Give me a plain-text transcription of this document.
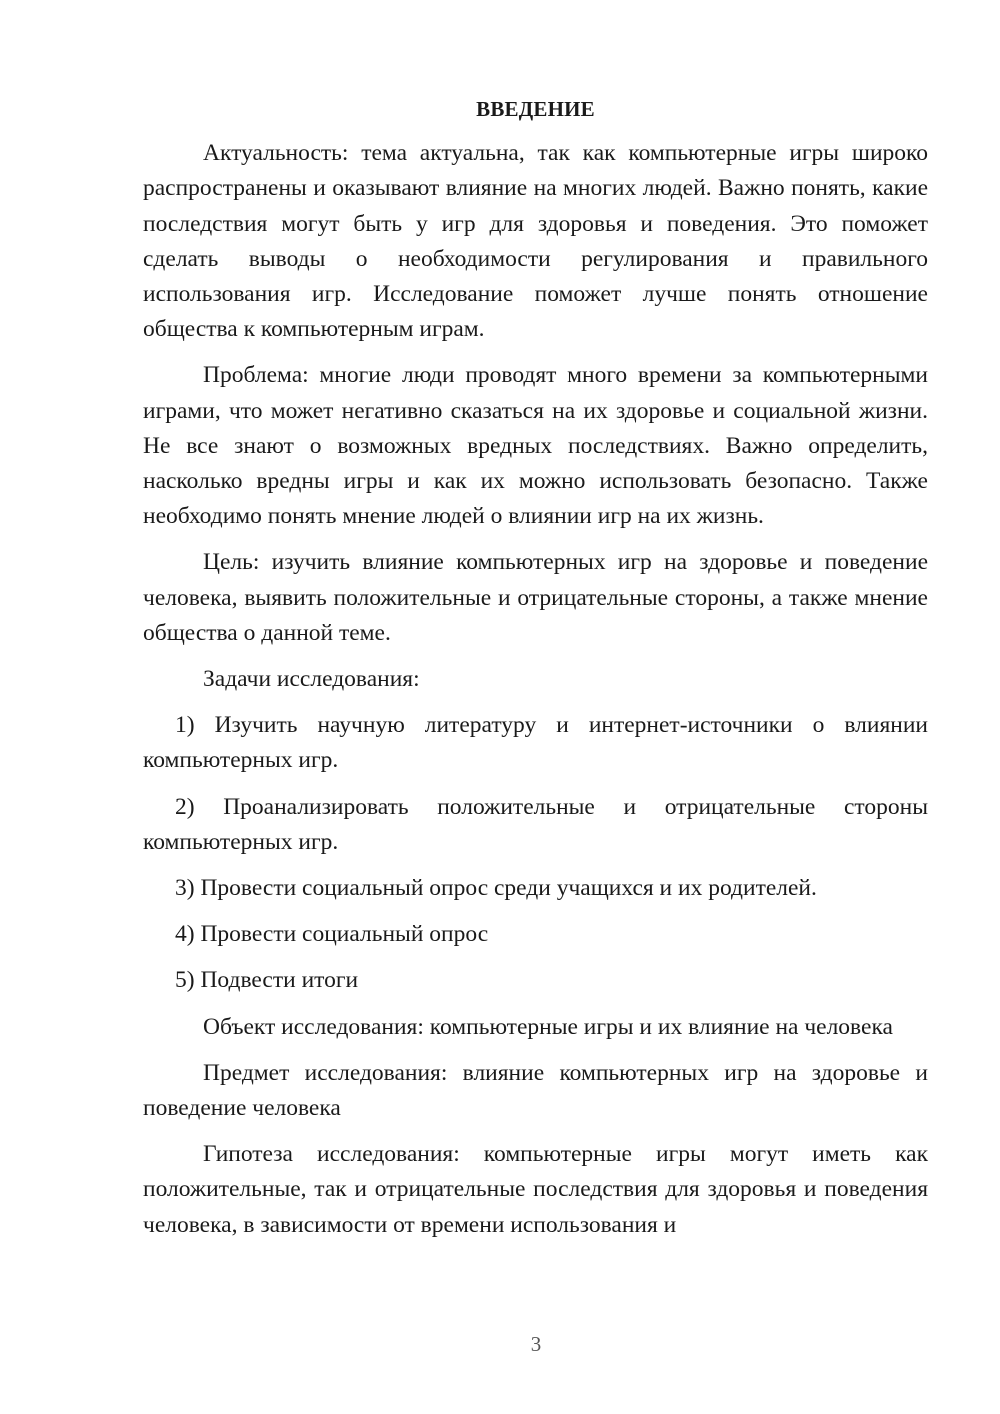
ВВЕДЕНИЕ

Актуальность: тема актуальна, так как компьютерные игры широко распространены и оказывают влияние на многих людей. Важно понять, какие последствия могут быть у игр для здоровья и поведения. Это поможет сделать выводы о необходимости регулирования и правильного использования игр. Исследование поможет лучше понять отношение общества к компьютерным играм.

Проблема: многие люди проводят много времени за компьютерными играми, что может негативно сказаться на их здоровье и социальной жизни. Не все знают о возможных вредных последствиях. Важно определить, насколько вредны игры и как их можно использовать безопасно. Также необходимо понять мнение людей о влиянии игр на их жизнь.

Цель: изучить влияние компьютерных игр на здоровье и поведение человека, выявить положительные и отрицательные стороны, а также мнение общества о данной теме.

Задачи исследования:

1) Изучить научную литературу и интернет-источники о влиянии компьютерных игр.

2) Проанализировать положительные и отрицательные стороны компьютерных игр.

3) Провести социальный опрос среди учащихся и их родителей.

4) Провести социальный опрос

5) Подвести итоги

Объект исследования: компьютерные игры и их влияние на человека

Предмет исследования: влияние компьютерных игр на здоровье и поведение человека

Гипотеза исследования: компьютерные игры могут иметь как положительные, так и отрицательные последствия для здоровья и поведения человека, в зависимости от времени использования и

3
